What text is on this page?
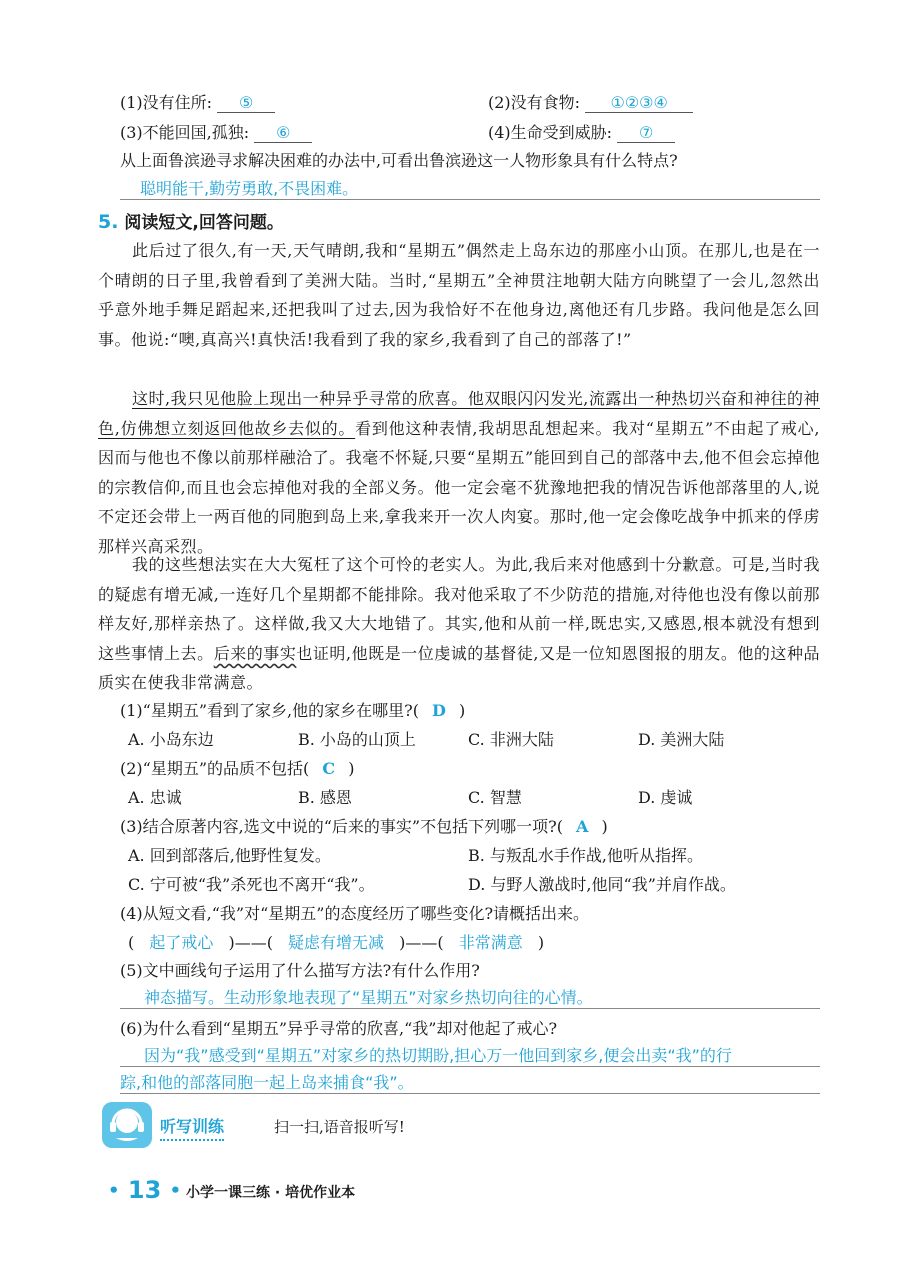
(1)没有住所: ⑤	(2)没有食物: ①②③④
(3)不能回国,孤独: ⑥	(4)生命受到威胁: ⑦
从上面鲁滨逊寻求解决困难的办法中,可看出鲁滨逊这一人物形象具有什么特点?
聪明能干,勤劳勇敢,不畏困难。
5. 阅读短文,回答问题。
此后过了很久,有一天,天气晴朗,我和“星期五”偶然走上岛东边的那座小山顶。在那儿,也是在一个晴朗的日子里,我曾看到了美洲大陆。当时,“星期五”全神贯注地朝大陆方向眺望了一会儿,忽然出乎意外地手舞足蹈起来,还把我叫了过去,因为我恰好不在他身边,离他还有几步路。我问他是怎么回事。他说:“噢,真高兴!真快活!我看到了我的家乡,我看到了自己的部落了!”
这时,我只见他脸上现出一种异乎寻常的欣喜。他双眼闪闪发光,流露出一种热切兴奋和神往的神色,仿佛想立刻返回他故乡去似的。看到他这种表情,我胡思乱想起来。我对“星期五”不由起了戒心,因而与他也不像以前那样融洽了。我毫不怀疑,只要“星期五”能回到自己的部落中去,他不但会忘掉他的宗教信仰,而且也会忘掉他对我的全部义务。他一定会毫不犹豫地把我的情况告诉他部落里的人,说不定还会带上一两百他的同胞到岛上来,拿我来开一次人肉宴。那时,他一定会像吃战争中抓来的俘虏那样兴高采烈。
我的这些想法实在大大冤枉了这个可怜的老实人。为此,我后来对他感到十分歉意。可是,当时我的疑虑有增无减,一连好几个星期都不能排除。我对他采取了不少防范的措施,对待他也没有像以前那样友好,那样亲热了。这样做,我又大大地错了。其实,他和从前一样,既忠实,又感恩,根本就没有想到这些事情上去。后来的事实也证明,他既是一位虔诚的基督徒,又是一位知恩图报的朋友。他的这种品质实在使我非常满意。
(1)“星期五”看到了家乡,他的家乡在哪里?( D )
A. 小岛东边	B. 小岛的山顶上	C. 非洲大陆	D. 美洲大陆
(2)“星期五”的品质不包括( C )
A. 忠诚	B. 感恩	C. 智慧	D. 虔诚
(3)结合原著内容,选文中说的“后来的事实”不包括下列哪一项?( A )
A. 回到部落后,他野性复发。	B. 与叛乱水手作战,他听从指挥。
C. 宁可被“我”杀死也不离开“我”。	D. 与野人激战时,他同“我”并肩作战。
(4)从短文看,“我”对“星期五”的态度经历了哪些变化?请概括出来。
( 起了戒心 )——( 疑虑有增无减 )——( 非常满意 )
(5)文中画线句子运用了什么描写方法?有什么作用?
神态描写。生动形象地表现了“星期五”对家乡热切向往的心情。
(6)为什么看到“星期五”异乎寻常的欣喜,“我”却对他起了戒心?
因为“我”感受到“星期五”对家乡的热切期盼,担心万一他回到家乡,便会出卖“我”的行
踪,和他的部落同胞一起上岛来捕食“我”。
听写训练	扫一扫,语音报听写!
• 13 • 小学一课三练 · 培优作业本
